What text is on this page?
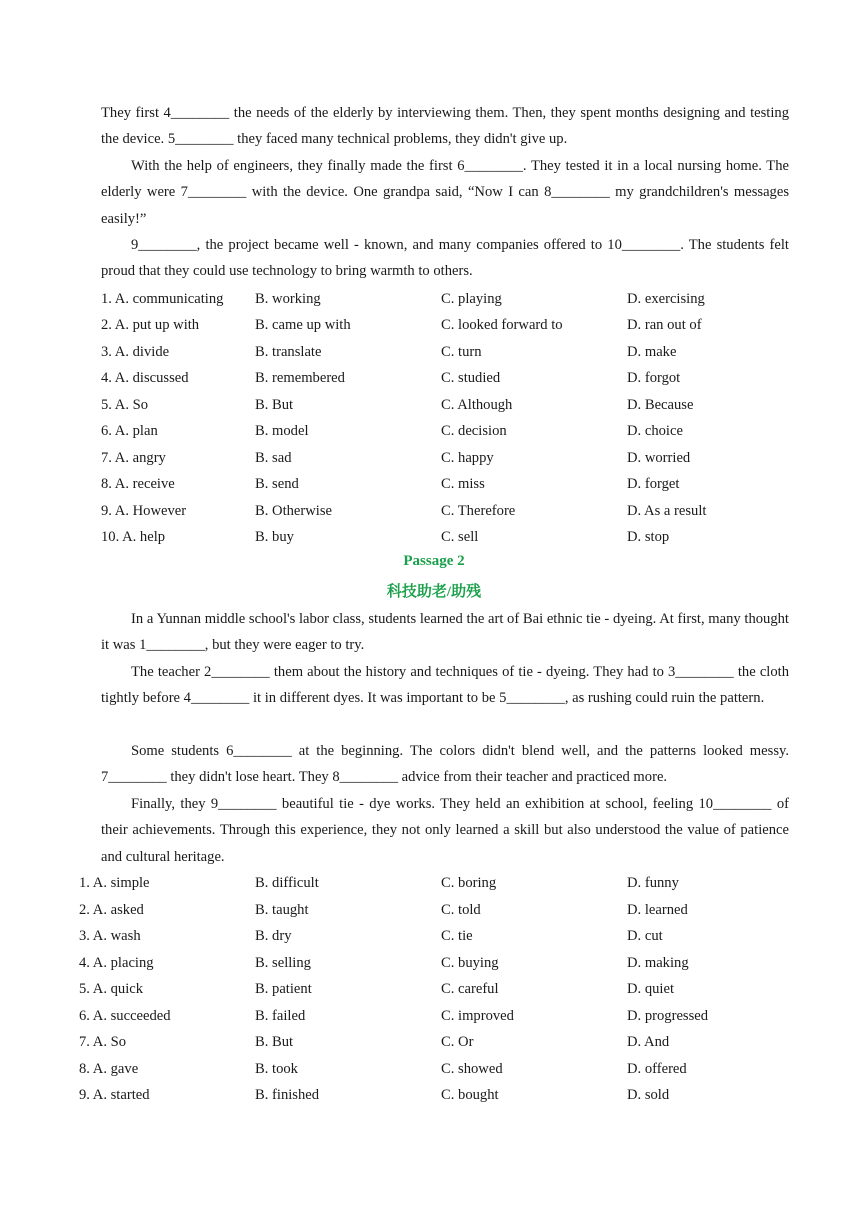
They first 4________ the needs of the elderly by interviewing them. Then, they spent months designing and testing the device. 5________ they faced many technical problems, they didn't give up.

With the help of engineers, they finally made the first 6________. They tested it in a local nursing home. The elderly were 7________ with the device. One grandpa said, “Now I can 8________ my grandchildren's messages easily!”

9________, the project became well - known, and many companies offered to 10________. The students felt proud that they could use technology to bring warmth to others.

1. A. communicating B. working	C. playing	D. exercising
2. A. put up with	B. came up with	C. looked forward to	D. ran out of
3. A. divide	B. translate	C. turn	D. make
4. A. discussed	B. remembered	C. studied	D. forgot
5. A. So	B. But	C. Although	D. Because
6. A. plan	B. model	C. decision	D. choice
7. A. angry	B. sad	C. happy	D. worried
8. A. receive	B. send	C. miss	D. forget
9. A. However	B. Otherwise	C. Therefore	D. As a result
10. A. help	B. buy	C. sell	D. stop
Passage 2
科技助老/助残

In a Yunnan middle school's labor class, students learned the art of Bai ethnic tie - dyeing. At first, many thought it was 1________, but they were eager to try.

The teacher 2________ them about the history and techniques of tie - dyeing. They had to 3________ the cloth tightly before 4________ it in different dyes. It was important to be 5________, as rushing could ruin the pattern.

Some students 6________ at the beginning. The colors didn't blend well, and the patterns looked messy. 7________ they didn't lose heart. They 8________ advice from their teacher and practiced more.

Finally, they 9________ beautiful tie - dye works. They held an exhibition at school, feeling 10________ of their achievements. Through this experience, they not only learned a skill but also understood the value of patience and cultural heritage.

1. A. simple	B. difficult	C. boring	D. funny
2. A. asked	B. taught	C. told	D. learned
3. A. wash	B. dry	C. tie	D. cut
4. A. placing	B. selling	C. buying	D. making
5. A. quick	B. patient	C. careful	D. quiet
6. A. succeeded	B. failed	C. improved	D. progressed
7. A. So	B. But	C. Or	D. And
8. A. gave	B. took	C. showed	D. offered
9. A. started	B. finished	C. bought	D. sold
